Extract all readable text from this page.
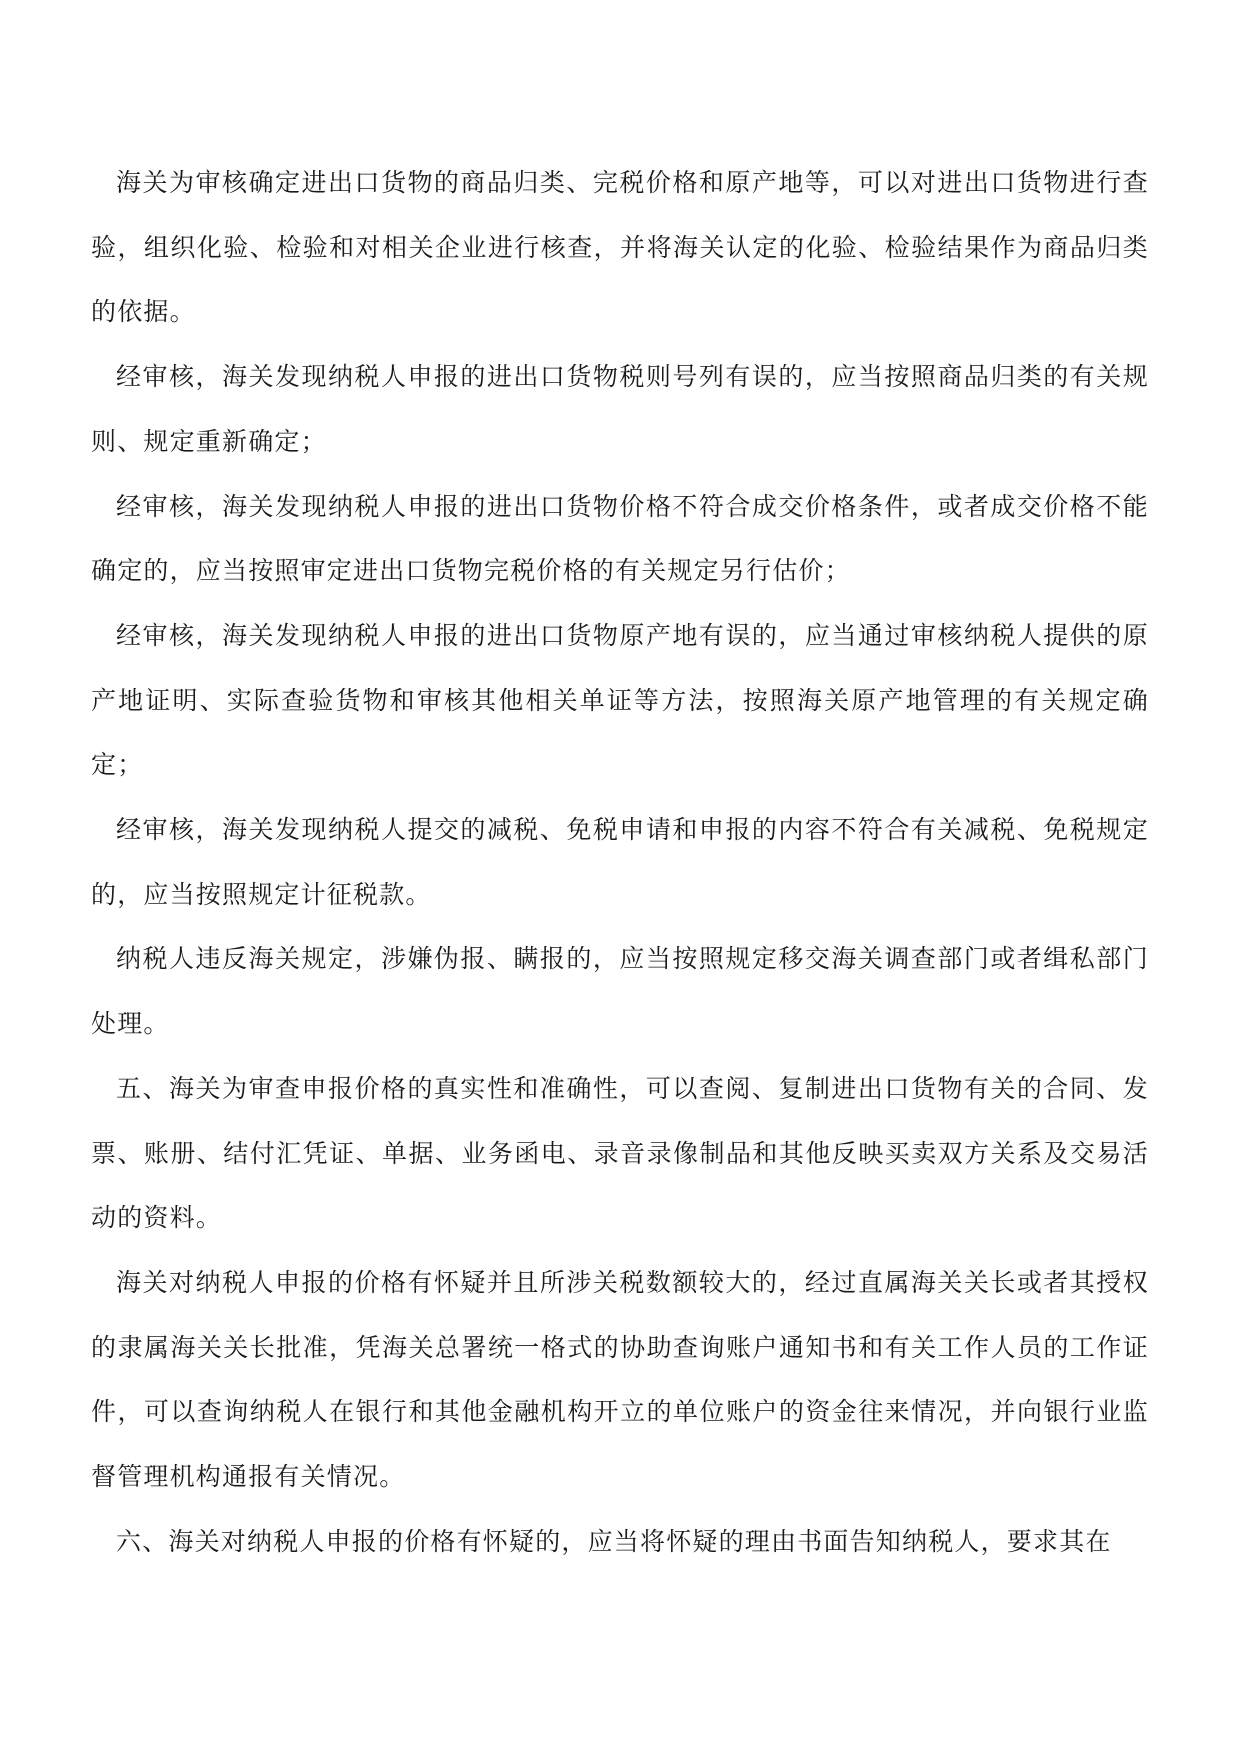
海关为审核确定进出口货物的商品归类、完税价格和原产地等，可以对进出口货物进行查验，组织化验、检验和对相关企业进行核查，并将海关认定的化验、检验结果作为商品归类的依据。

经审核，海关发现纳税人申报的进出口货物税则号列有误的，应当按照商品归类的有关规则、规定重新确定；

经审核，海关发现纳税人申报的进出口货物价格不符合成交价格条件，或者成交价格不能确定的，应当按照审定进出口货物完税价格的有关规定另行估价；

经审核，海关发现纳税人申报的进出口货物原产地有误的，应当通过审核纳税人提供的原产地证明、实际查验货物和审核其他相关单证等方法，按照海关原产地管理的有关规定确定；

经审核，海关发现纳税人提交的减税、免税申请和申报的内容不符合有关减税、免税规定的，应当按照规定计征税款。

纳税人违反海关规定，涉嫌伪报、瞒报的，应当按照规定移交海关调查部门或者缉私部门处理。

五、海关为审查申报价格的真实性和准确性，可以查阅、复制进出口货物有关的合同、发票、账册、结付汇凭证、单据、业务函电、录音录像制品和其他反映买卖双方关系及交易活动的资料。

海关对纳税人申报的价格有怀疑并且所涉关税数额较大的，经过直属海关关长或者其授权的隶属海关关长批准，凭海关总署统一格式的协助查询账户通知书和有关工作人员的工作证件，可以查询纳税人在银行和其他金融机构开立的单位账户的资金往来情况，并向银行业监督管理机构通报有关情况。

六、海关对纳税人申报的价格有怀疑的，应当将怀疑的理由书面告知纳税人，要求其在
